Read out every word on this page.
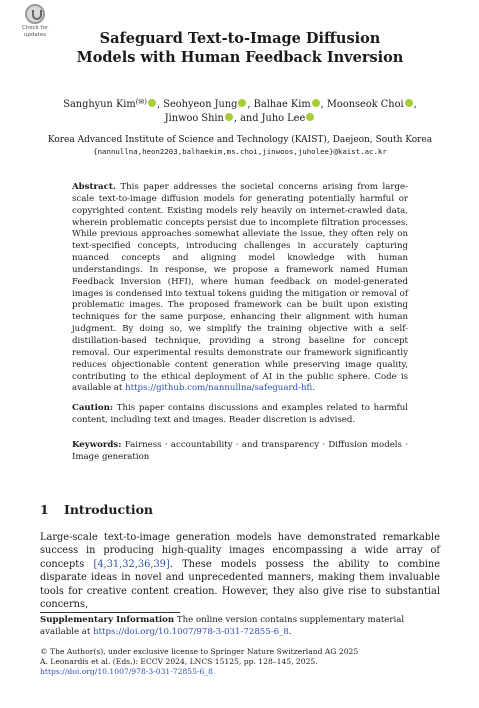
Check for
updates	Safeguard Text-to-Image Diffusion
Models with Human Feedback Inversion
Sanghyun Kim(✉) , Seohyeon Jung , Balhae Kim , Moonseok Choi ,
Jinwoo Shin , and Juho Lee
Korea Advanced Institute of Science and Technology (KAIST), Daejeon, South Korea
{nannullna,heon2203,balhaekim,ms.choi,jinwoos,juholee}@kaist.ac.kr

Abstract. This paper addresses the societal concerns arising from large-scale text-to-image diffusion models for generating potentially harmful or copyrighted content. Existing models rely heavily on internet-crawled data, wherein problematic concepts persist due to incomplete filtration processes. While previous approaches somewhat alleviate the issue, they often rely on text-specified concepts, introducing challenges in accurately capturing nuanced concepts and aligning model knowledge with human understandings. In response, we propose a framework named Human Feedback Inversion (HFI), where human feedback on model-generated images is condensed into textual tokens guiding the mitigation or removal of problematic images. The proposed framework can be built upon existing techniques for the same purpose, enhancing their alignment with human judgment. By doing so, we simplify the training objective with a self-distillation-based technique, providing a strong baseline for concept removal. Our experimental results demonstrate our framework significantly reduces objectionable content generation while preserving image quality, contributing to the ethical deployment of AI in the public sphere. Code is available at https://github.com/nannullna/safeguard-hfi.

Caution: This paper contains discussions and examples related to harmful content, including text and images. Reader discretion is advised.

Keywords: Fairness · accountability · and transparency · Diffusion models · Image generation

1 Introduction

Large-scale text-to-image generation models have demonstrated remarkable success in producing high-quality images encompassing a wide array of concepts [4,31,32,36,39]. These models possess the ability to combine disparate ideas in novel and unprecedented manners, making them invaluable tools for creative content creation. However, they also give rise to substantial concerns,

Supplementary Information The online version contains supplementary material available at https://doi.org/10.1007/978-3-031-72855-6_8.

© The Author(s), under exclusive license to Springer Nature Switzerland AG 2025
A. Leonardis et al. (Eds.): ECCV 2024, LNCS 15125, pp. 128–145, 2025.
https://doi.org/10.1007/978-3-031-72855-6_8
